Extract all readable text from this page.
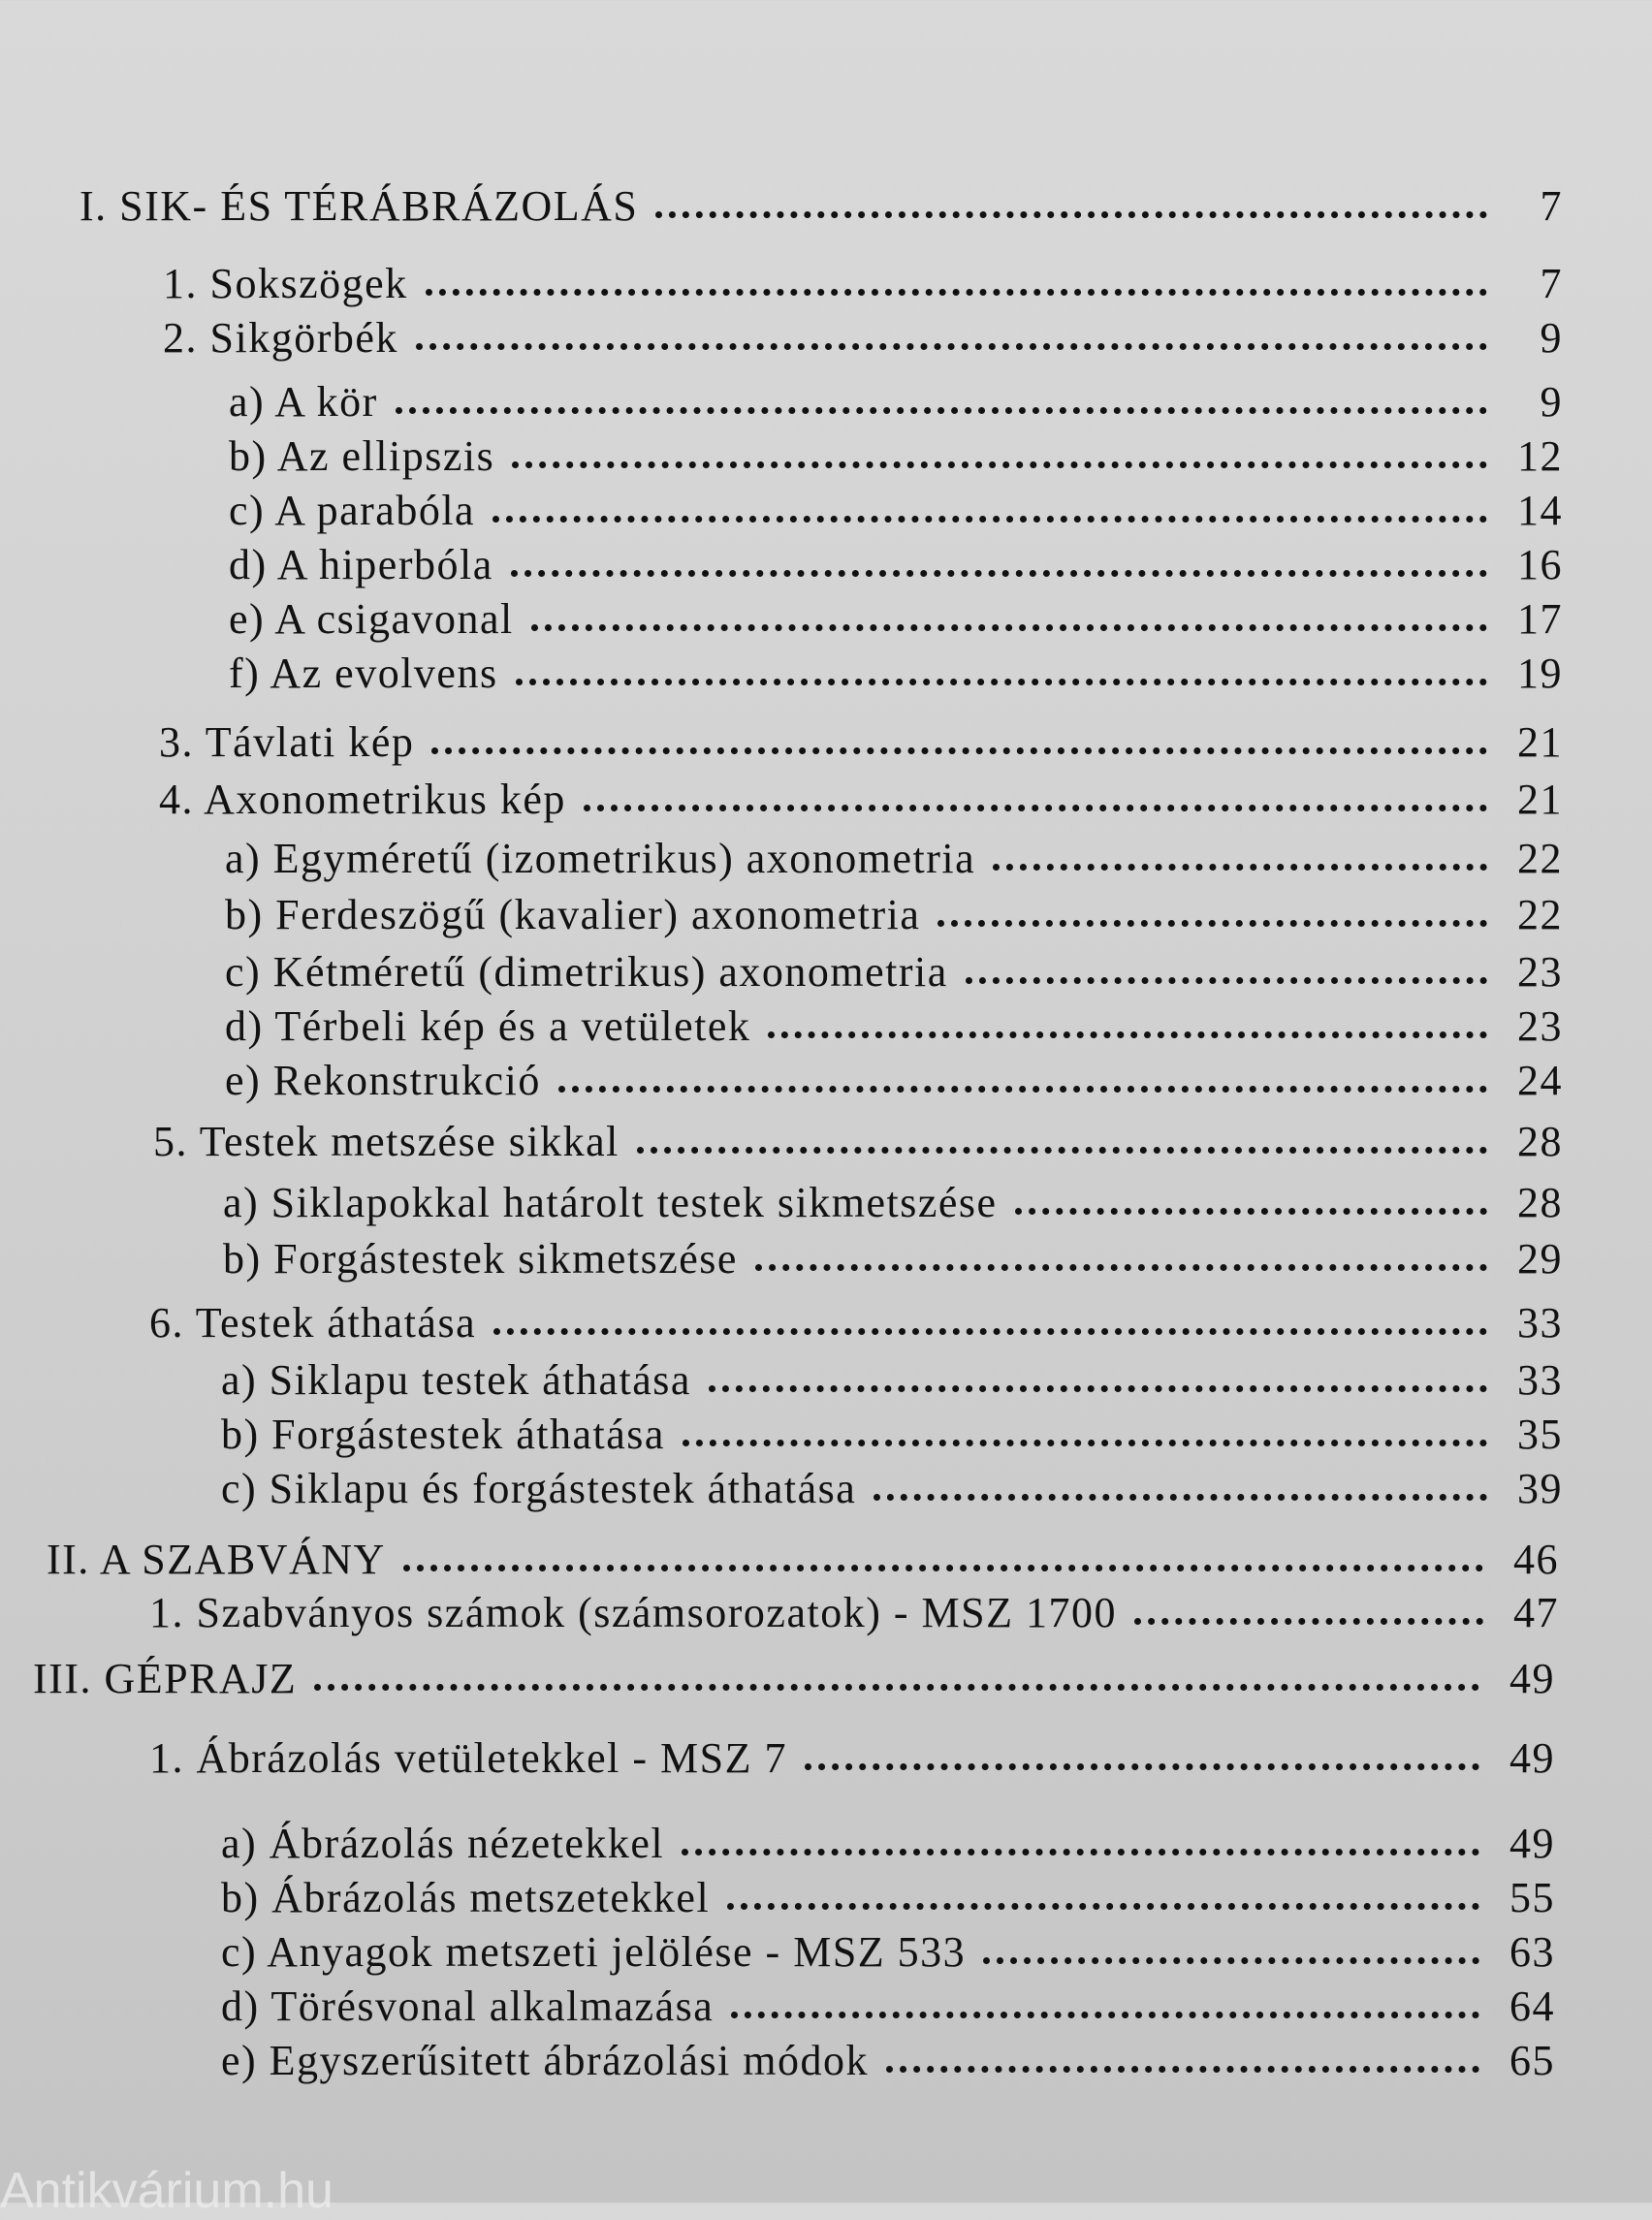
I. SIK- ÉS TÉRÁBRÁZOLÁS	7
1. Sokszögek	7
2. Sikgörbék	9
a) A kör	9
b) Az ellipszis	12
c) A parabóla	14
d) A hiperbóla	16
e) A csigavonal	17
f) Az evolvens	19
3. Távlati kép	21
4. Axonometrikus kép	21
a) Egyméretű (izometrikus) axonometria	22
b) Ferdeszögű (kavalier) axonometria	22
c) Kétméretű (dimetrikus) axonometria	23
d) Térbeli kép és a vetületek	23
e) Rekonstrukció	24
5. Testek metszése sikkal	28
a) Siklapokkal határolt testek sikmetszése	28
b) Forgástestek sikmetszése	29
6. Testek áthatása	33
a) Siklapu testek áthatása	33
b) Forgástestek áthatása	35
c) Siklapu és forgástestek áthatása	39
II. A SZABVÁNY	46
1. Szabványos számok (számsorozatok) - MSZ 1700	47
III. GÉPRAJZ	49
1. Ábrázolás vetületekkel - MSZ 7	49
a) Ábrázolás nézetekkel	49
b) Ábrázolás metszetekkel	55
c) Anyagok metszeti jelölése - MSZ 533	63
d) Törésvonal alkalmazása	64
e) Egyszerűsitett ábrázolási módok	65
Antikvárium.hu
